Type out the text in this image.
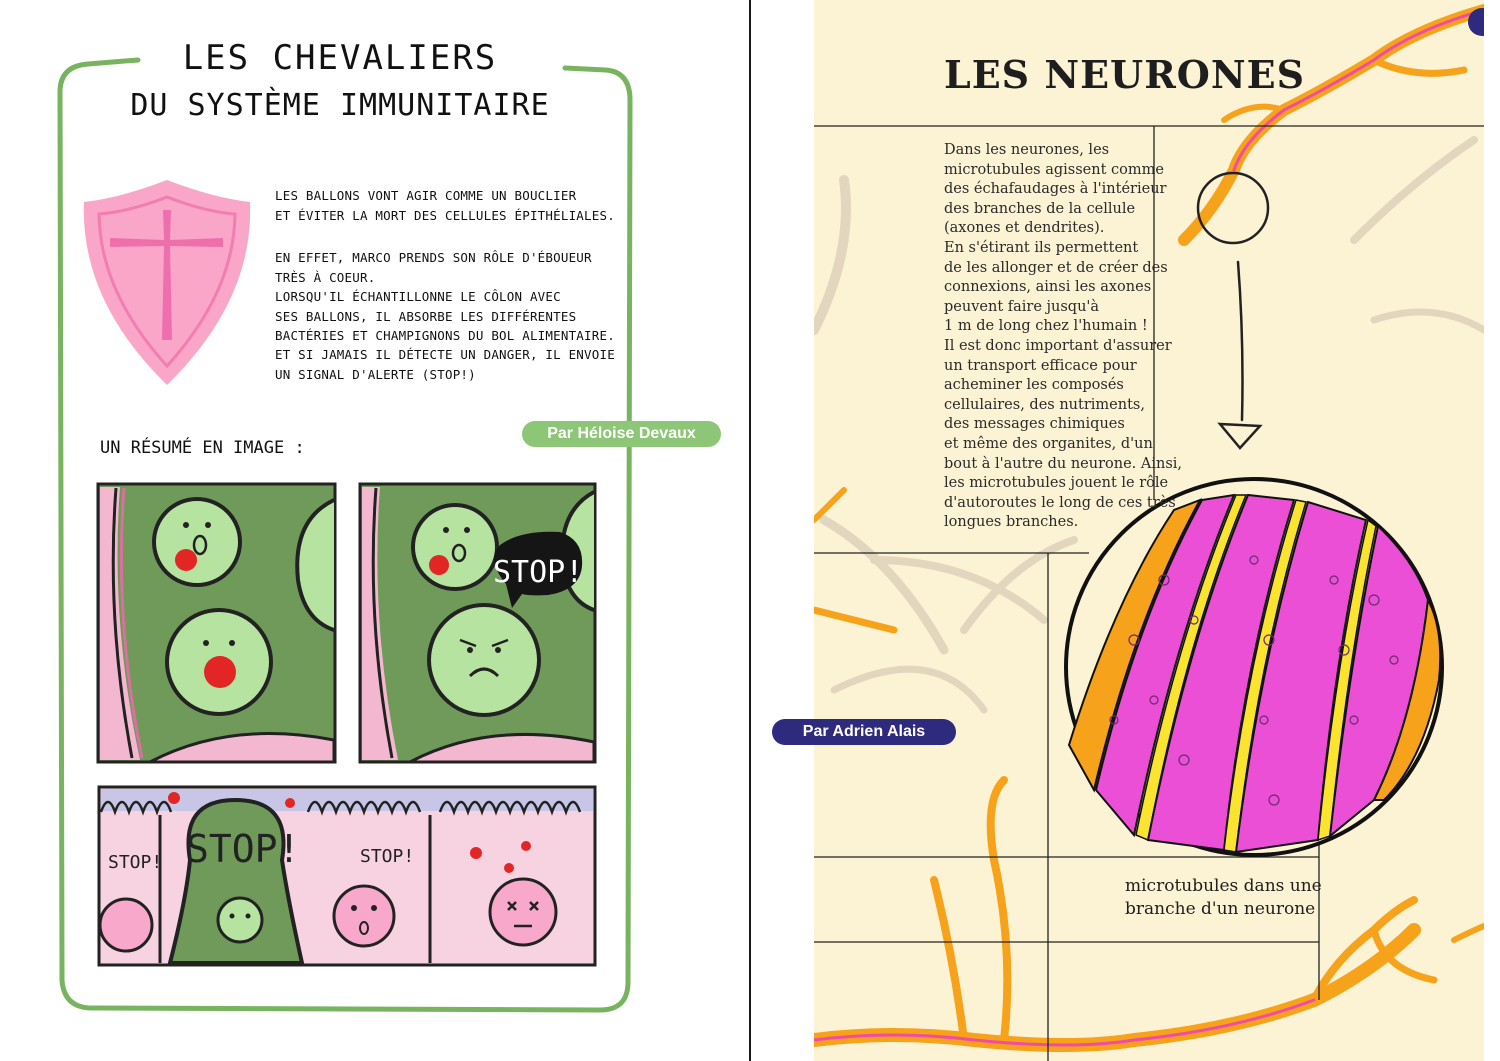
STOP!
STOP! STOP!	STOP!
LES CHEVALIERS
DU SYSTÈME IMMUNITAIRE
LES BALLONS VONT AGIR COMME UN BOUCLIER
ET ÉVITER LA MORT DES CELLULES ÉPITHÉLIALES.
EN EFFET, MARCO PRENDS SON RÔLE D'ÉBOUEUR
TRÈS À COEUR.
LORSQU'IL ÉCHANTILLONNE LE CÔLON AVEC
SES BALLONS, IL ABSORBE LES DIFFÉRENTES
BACTÉRIES ET CHAMPIGNONS DU BOL ALIMENTAIRE.
ET SI JAMAIS IL DÉTECTE UN DANGER, IL ENVOIE
UN SIGNAL D'ALERTE (STOP!)
UN RÉSUMÉ EN IMAGE :
Par Héloise Devaux
LES NEURONES
Dans les neurones, les
microtubules agissent comme
des échafaudages à l'intérieur
des branches de la cellule
(axones et dendrites).
En s'étirant ils permettent
de les allonger et de créer des
connexions, ainsi les axones
peuvent faire jusqu'à
1 m de long chez l'humain !
Il est donc important d'assurer
un transport efficace pour
acheminer les composés
cellulaires, des nutriments,
des messages chimiques
et même des organites, d'un
bout à l'autre du neurone. Ainsi,
les microtubules jouent le rôle
d'autoroutes le long de ces très
longues branches.
microtubules dans une
branche d'un neurone
Par Adrien Alais
